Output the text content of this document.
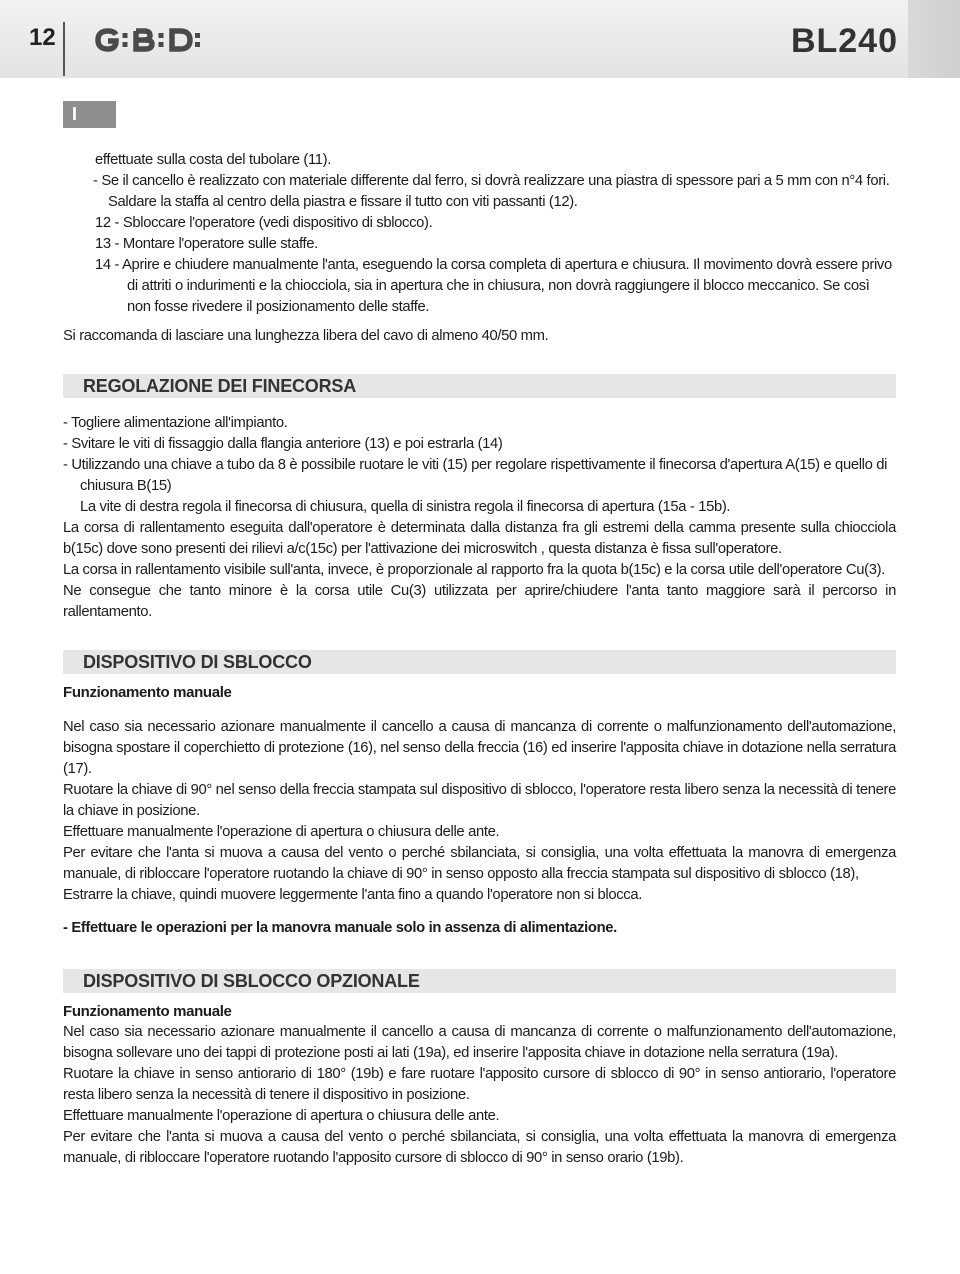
12	BL240
I

effettuate sulla costa del tubolare (11).

- Se il cancello è realizzato con materiale differente dal ferro, si dovrà realizzare una piastra di spessore pari a 5 mm con n°4 fori. Saldare la staffa al centro della piastra e fissare il tutto con viti passanti (12).

12 - Sbloccare l'operatore (vedi dispositivo di sblocco).

13 - Montare l'operatore sulle staffe.

14 - Aprire e chiudere manualmente l'anta, eseguendo la corsa completa di apertura e chiusura. Il movimento dovrà essere privo di attriti o indurimenti e la chiocciola, sia in apertura che in chiusura, non dovrà raggiungere il blocco meccanico. Se così non fosse rivedere il posizionamento delle staffe.

Si raccomanda di lasciare una lunghezza libera del cavo di almeno 40/50 mm.

REGOLAZIONE DEI FINECORSA

- Togliere alimentazione all'impianto.

- Svitare le viti di fissaggio dalla flangia anteriore (13) e poi estrarla (14)

- Utilizzando una chiave a tubo da 8 è possibile ruotare le viti (15) per regolare rispettivamente il finecorsa d'apertura A(15) e quello di chiusura B(15)

La vite di destra regola il finecorsa di chiusura, quella di sinistra regola il finecorsa di apertura (15a - 15b).

La corsa di rallentamento eseguita dall'operatore è determinata dalla distanza fra gli estremi della camma presente sulla chiocciola b(15c) dove sono presenti dei rilievi a/c(15c) per l'attivazione dei microswitch , questa distanza è fissa sull'operatore.

La corsa in rallentamento visibile sull'anta, invece, è proporzionale al rapporto fra la quota b(15c) e la corsa utile dell'operatore Cu(3).

Ne consegue che tanto minore è la corsa utile Cu(3) utilizzata per aprire/chiudere l'anta tanto maggiore sarà il percorso in rallentamento.

DISPOSITIVO DI SBLOCCO

Funzionamento manuale

Nel caso sia necessario azionare manualmente il cancello a causa di mancanza di corrente o malfunzionamento dell'automazione, bisogna spostare il coperchietto di protezione (16), nel senso della freccia (16) ed inserire l'apposita chiave in dotazione nella serratura (17).

Ruotare la chiave di 90° nel senso della freccia stampata sul dispositivo di sblocco, l'operatore resta libero senza la necessità di tenere la chiave in posizione.

Effettuare manualmente l'operazione di apertura o chiusura delle ante.

Per evitare che l'anta si muova a causa del vento o perché sbilanciata, si consiglia, una volta effettuata la manovra di emergenza manuale, di ribloccare l'operatore ruotando la chiave di 90° in senso opposto alla freccia stampata sul dispositivo di sblocco (18),

Estrarre la chiave, quindi muovere leggermente l'anta fino a quando l'operatore non si blocca.

- Effettuare le operazioni per la manovra manuale solo in assenza di alimentazione.

DISPOSITIVO DI SBLOCCO OPZIONALE

Funzionamento manuale

Nel caso sia necessario azionare manualmente il cancello a causa di mancanza di corrente o malfunzionamento dell'automazione, bisogna sollevare uno dei tappi di protezione posti ai lati (19a), ed inserire l'apposita chiave in dotazione nella serratura (19a).

Ruotare la chiave in senso antiorario di 180° (19b) e fare ruotare l'apposito cursore di sblocco di 90° in senso antiorario, l'operatore resta libero senza la necessità di tenere il dispositivo in posizione.

Effettuare manualmente l'operazione di apertura o chiusura delle ante.

Per evitare che l'anta si muova a causa del vento o perché sbilanciata, si consiglia, una volta effettuata la manovra di emergenza manuale, di ribloccare l'operatore ruotando l'apposito cursore di sblocco di 90° in senso orario (19b).
